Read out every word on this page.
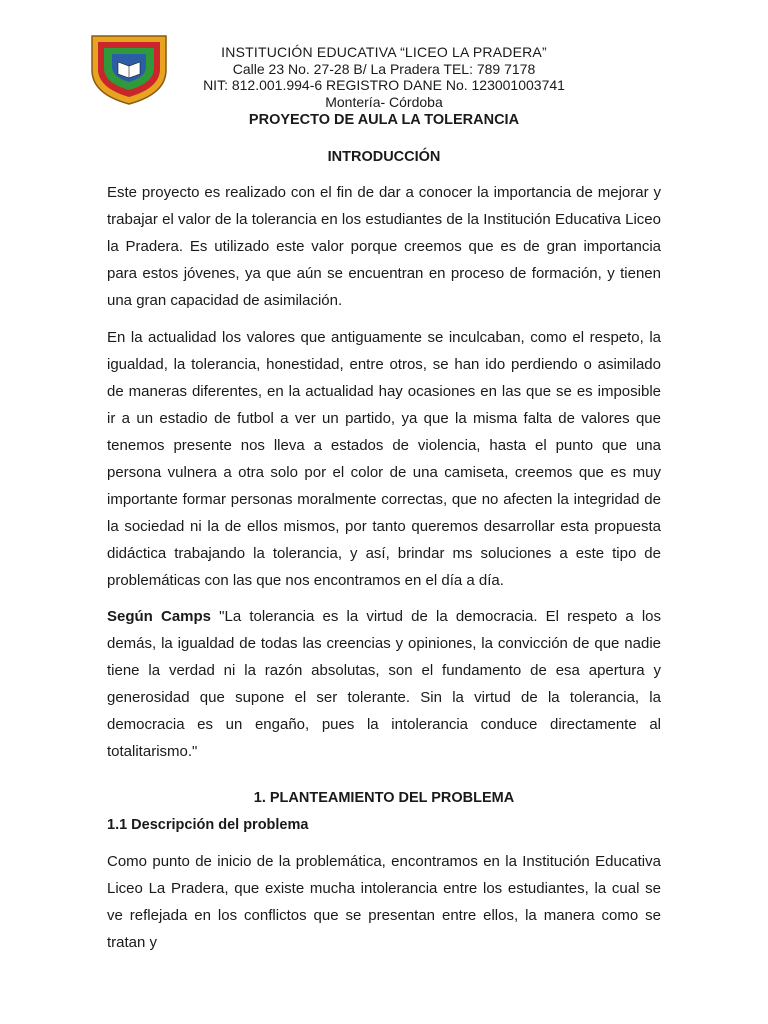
INSTITUCIÓN EDUCATIVA “LICEO LA PRADERA”
Calle 23 No. 27-28 B/ La Pradera TEL: 789 7178
NIT: 812.001.994-6 REGISTRO DANE No. 123001003741
Montería- Córdoba
PROYECTO DE AULA LA TOLERANCIA
INTRODUCCIÓN

Este proyecto es realizado con el fin de dar a conocer la importancia de mejorar y trabajar el valor de la tolerancia en los estudiantes de la Institución Educativa Liceo la Pradera. Es utilizado este valor porque creemos que es de gran importancia para estos jóvenes, ya que aún se encuentran en proceso de formación, y tienen una gran capacidad de asimilación.

En la actualidad los valores que antiguamente se inculcaban, como el respeto, la igualdad, la tolerancia, honestidad, entre otros, se han ido perdiendo o asimilado de maneras diferentes, en la actualidad hay ocasiones en las que se es imposible ir a un estadio de futbol a ver un partido, ya que la misma falta de valores que tenemos presente nos lleva a estados de violencia, hasta el punto que una persona vulnera a otra solo por el color de una camiseta, creemos que es muy importante formar personas moralmente correctas, que no afecten la integridad de la sociedad ni la de ellos mismos, por tanto queremos desarrollar esta propuesta didáctica trabajando la tolerancia, y así, brindar ms soluciones a este tipo de problemáticas con las que nos encontramos en el día a día.

Según Camps "La tolerancia es la virtud de la democracia. El respeto a los demás, la igualdad de todas las creencias y opiniones, la convicción de que nadie tiene la verdad ni la razón absolutas, son el fundamento de esa apertura y generosidad que supone el ser tolerante. Sin la virtud de la tolerancia, la democracia es un engaño, pues la intolerancia conduce directamente al totalitarismo."

1. PLANTEAMIENTO DEL PROBLEMA
1.1 Descripción del problema

Como punto de inicio de la problemática, encontramos en la Institución Educativa Liceo La Pradera, que existe mucha intolerancia entre los estudiantes, la cual se ve reflejada en los conflictos que se presentan entre ellos, la manera como se tratan y
